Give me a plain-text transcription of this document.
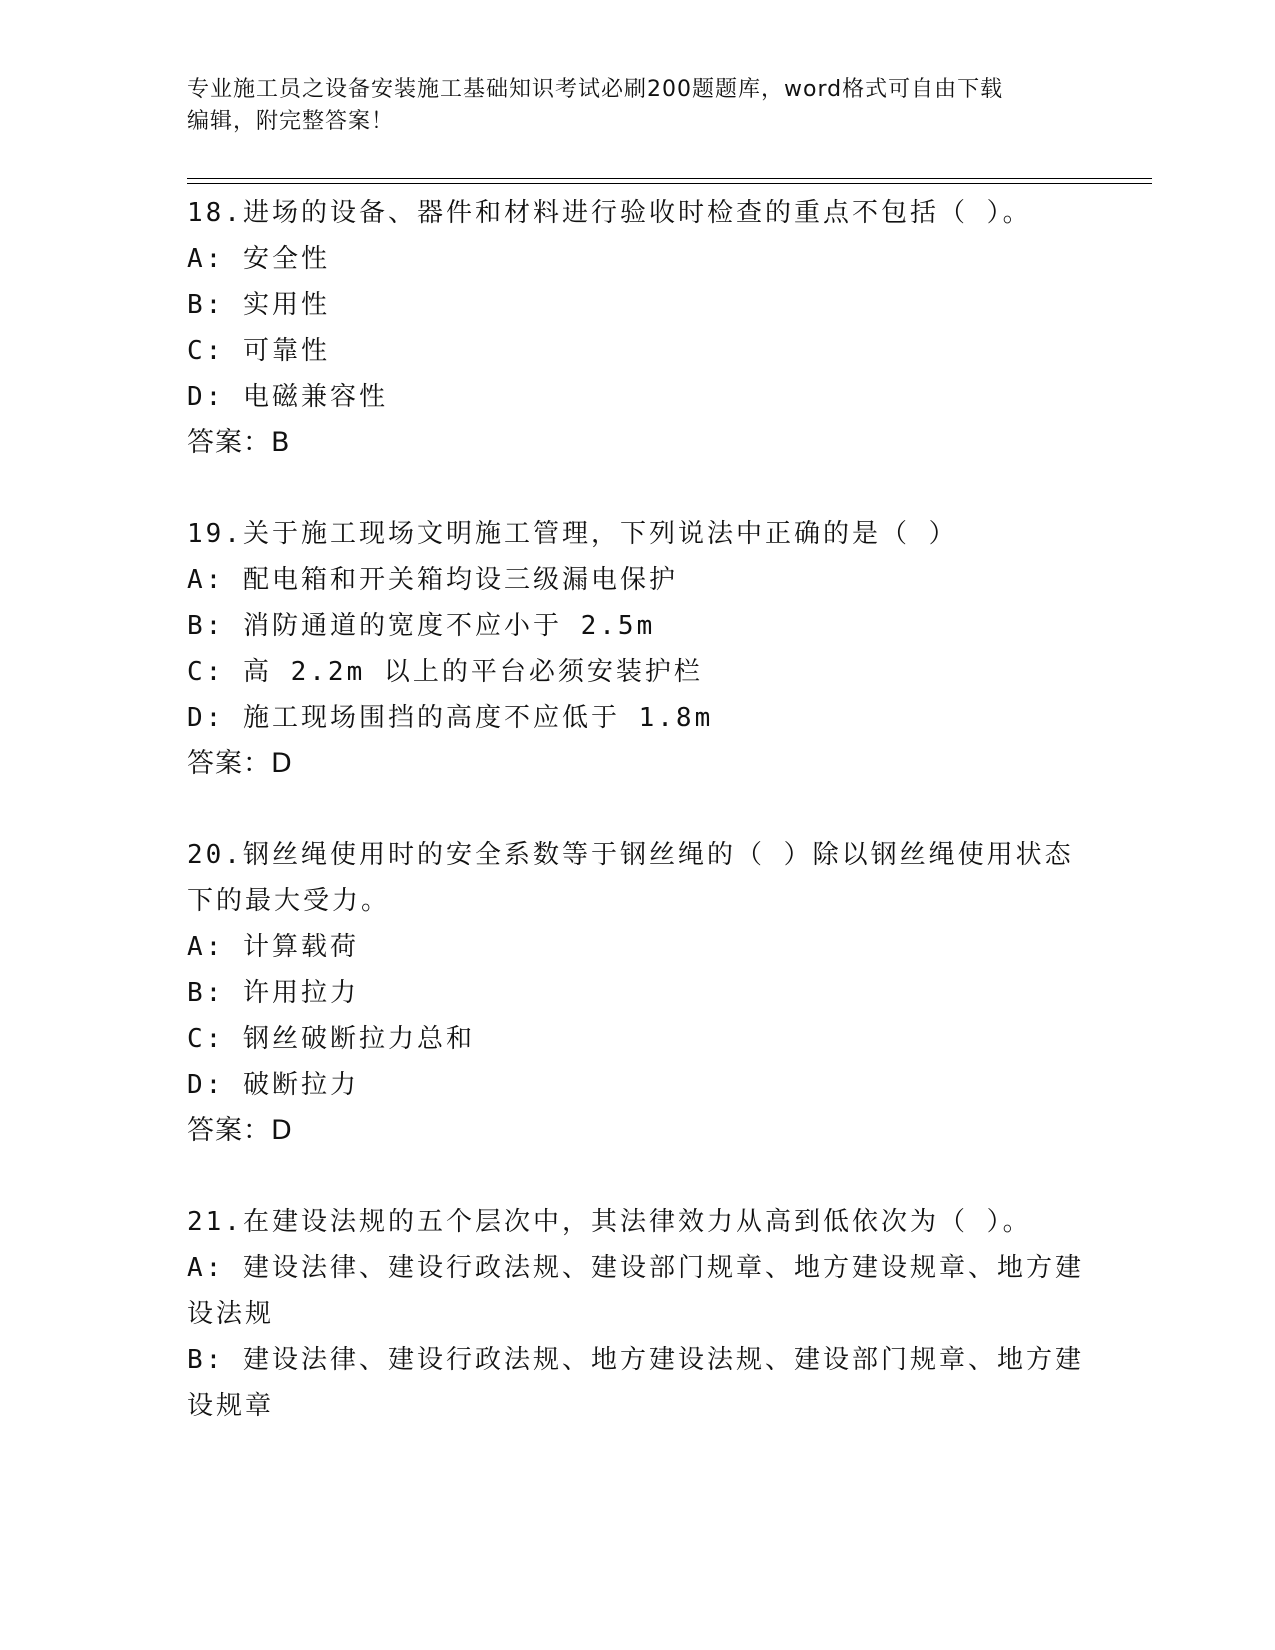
专业施工员之设备安装施工基础知识考试必刷200题题库，word格式可自由下载
编辑，附完整答案！
18.进场的设备、器件和材料进行验收时检查的重点不包括（ ）。
A: 安全性
B: 实用性
C: 可靠性
D: 电磁兼容性
答案：B
19.关于施工现场文明施工管理，下列说法中正确的是（ ）
A: 配电箱和开关箱均设三级漏电保护
B: 消防通道的宽度不应小于 2.5m
C: 高 2.2m 以上的平台必须安装护栏
D: 施工现场围挡的高度不应低于 1.8m
答案：D
20.钢丝绳使用时的安全系数等于钢丝绳的（ ）除以钢丝绳使用状态
下的最大受力。
A: 计算载荷
B: 许用拉力
C: 钢丝破断拉力总和
D: 破断拉力
答案：D
21.在建设法规的五个层次中，其法律效力从高到低依次为（ ）。
A: 建设法律、建设行政法规、建设部门规章、地方建设规章、地方建
设法规
B: 建设法律、建设行政法规、地方建设法规、建设部门规章、地方建
设规章
